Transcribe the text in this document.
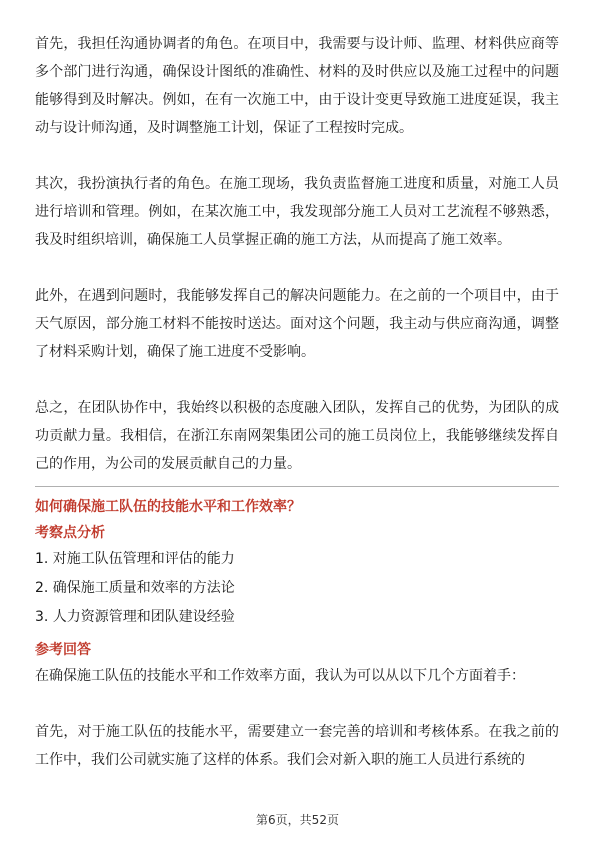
首先，我担任沟通协调者的角色。在项目中，我需要与设计师、监理、材料供应商等多个部门进行沟通，确保设计图纸的准确性、材料的及时供应以及施工过程中的问题能够得到及时解决。例如，在有一次施工中，由于设计变更导致施工进度延误，我主动与设计师沟通，及时调整施工计划，保证了工程按时完成。

其次，我扮演执行者的角色。在施工现场，我负责监督施工进度和质量，对施工人员进行培训和管理。例如，在某次施工中，我发现部分施工人员对工艺流程不够熟悉，我及时组织培训，确保施工人员掌握正确的施工方法，从而提高了施工效率。

此外，在遇到问题时，我能够发挥自己的解决问题能力。在之前的一个项目中，由于天气原因，部分施工材料不能按时送达。面对这个问题，我主动与供应商沟通，调整了材料采购计划，确保了施工进度不受影响。

总之，在团队协作中，我始终以积极的态度融入团队，发挥自己的优势，为团队的成功贡献力量。我相信，在浙江东南网架集团公司的施工员岗位上，我能够继续发挥自己的作用，为公司的发展贡献自己的力量。

如何确保施工队伍的技能水平和工作效率？

考察点分析

1. 对施工队伍管理和评估的能力
2. 确保施工质量和效率的方法论
3. 人力资源管理和团队建设经验

参考回答

在确保施工队伍的技能水平和工作效率方面，我认为可以从以下几个方面着手：

首先，对于施工队伍的技能水平，需要建立一套完善的培训和考核体系。在我之前的工作中，我们公司就实施了这样的体系。我们会对新入职的施工人员进行系统的

第6页，共52页
